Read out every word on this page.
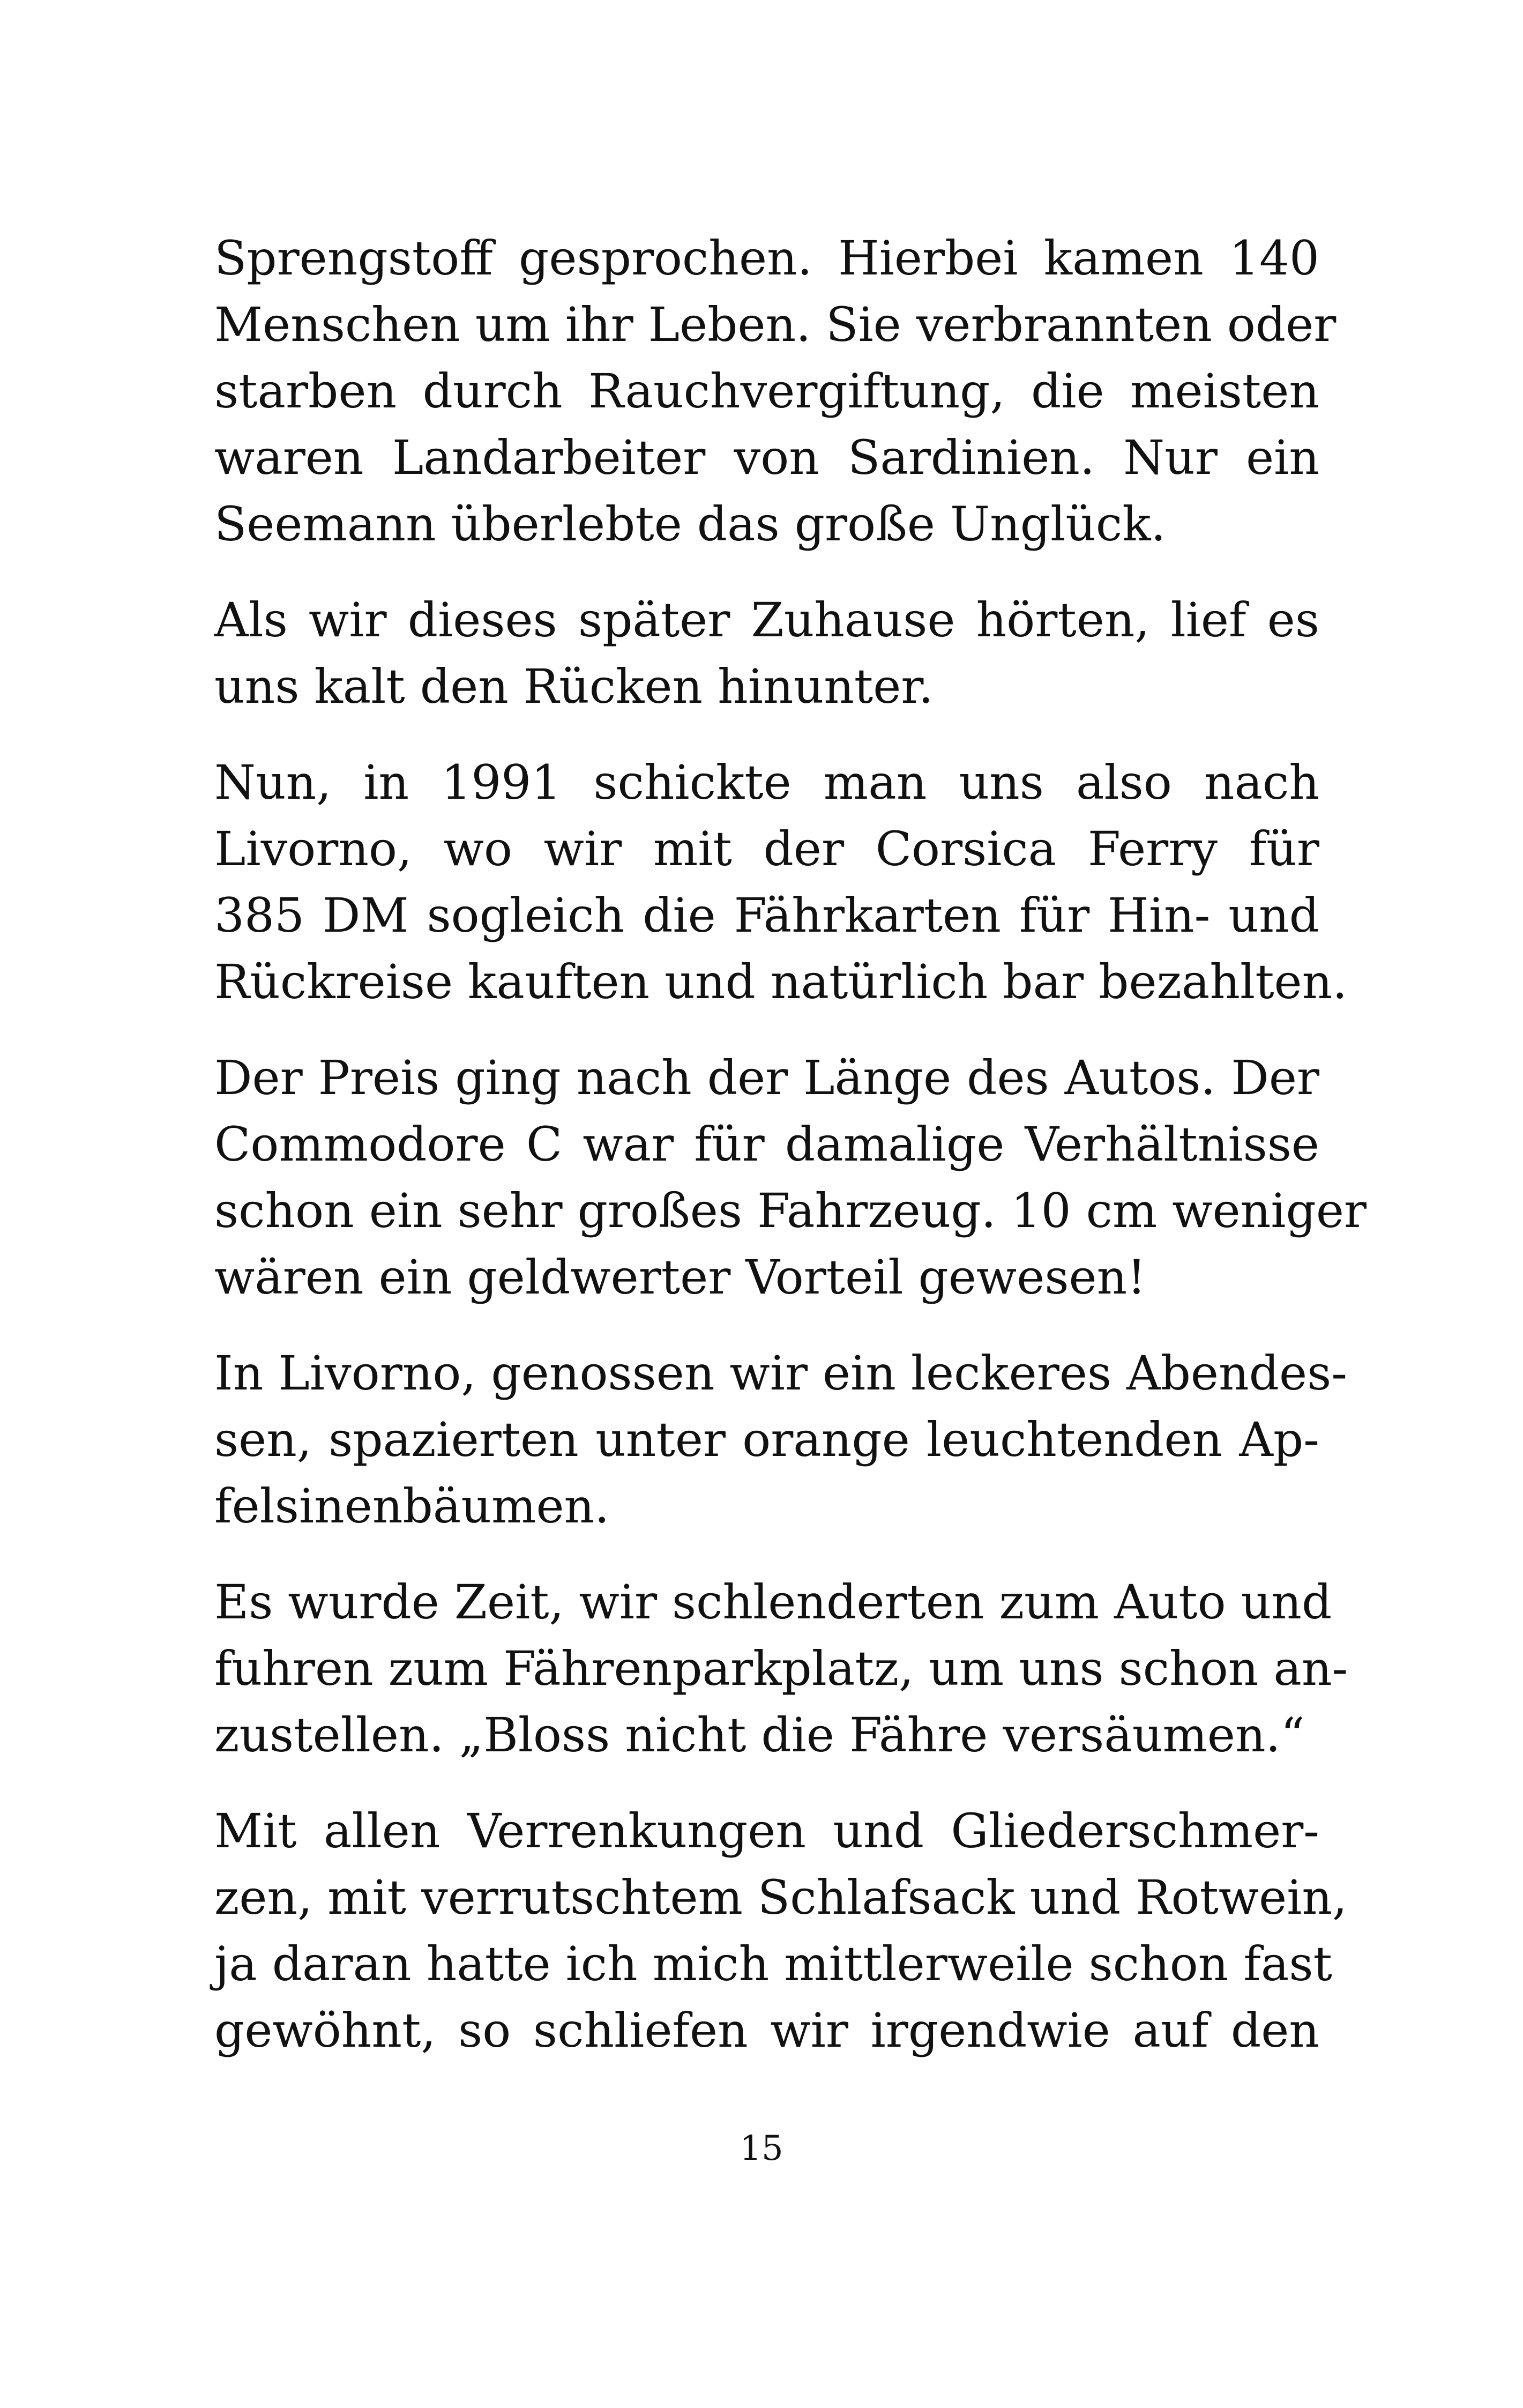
Sprengstoff gesprochen. Hierbei kamen 140
Menschen um ihr Leben. Sie verbrannten oder
starben durch Rauchvergiftung, die meisten
waren Landarbeiter von Sardinien. Nur ein
Seemann überlebte das große Unglück.

Als wir dieses später Zuhause hörten, lief es
uns kalt den Rücken hinunter.

Nun, in 1991 schickte man uns also nach
Livorno, wo wir mit der Corsica Ferry für
385 DM sogleich die Fährkarten für Hin- und
Rückreise kauften und natürlich bar bezahlten.

Der Preis ging nach der Länge des Autos. Der
Commodore C war für damalige Verhältnisse
schon ein sehr großes Fahrzeug. 10 cm weniger
wären ein geldwerter Vorteil gewesen!

In Livorno, genossen wir ein leckeres Abendes-
sen, spazierten unter orange leuchtenden Ap-
felsinenbäumen.

Es wurde Zeit, wir schlenderten zum Auto und
fuhren zum Fährenparkplatz, um uns schon an-
zustellen. „Bloss nicht die Fähre versäumen.“

Mit allen Verrenkungen und Gliederschmer-
zen, mit verrutschtem Schlafsack und Rotwein,
ja daran hatte ich mich mittlerweile schon fast
gewöhnt, so schliefen wir irgendwie auf den

15
